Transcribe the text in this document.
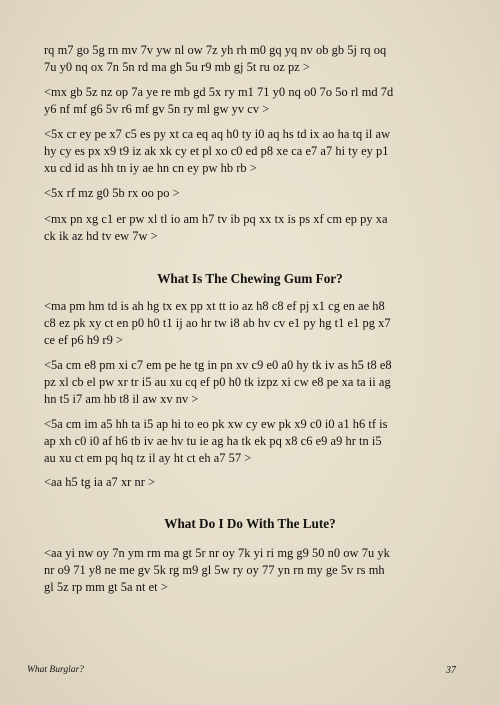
rq m7 go 5g rn mv 7v yw nl ow 7z yh rh m0 gq yq nv ob gb 5j rq oq
7u y0 nq ox 7n 5n rd ma gh 5u r9 mb gj 5t ru oz pz >

<mx gb 5z nz op 7a ye re mb gd 5x ry m1 71 y0 nq o0 7o 5o rl md 7d
y6 nf mf g6 5v r6 mf gv 5n ry ml gw yv cv >

<5x cr ey pe x7 c5 es py xt ca eq aq h0 ty i0 aq hs td ix ao ha tq il aw
hy cy es px x9 t9 iz ak xk cy et pl xo c0 ed p8 xe ca e7 a7 hi ty ey p1
xu cd id as hh tn iy ae hn cn ey pw hb rb >

<5x rf mz g0 5b rx oo po >

<mx pn xg c1 er pw xl tl io am h7 tv ib pq xx tx is ps xf cm ep py xa
ck ik az hd tv ew 7w >

What Is The Chewing Gum For?

<ma pm hm td is ah hg tx ex pp xt tt io az h8 c8 ef pj x1 cg en ae h8
c8 ez pk xy ct en p0 h0 t1 ij ao hr tw i8 ab hv cv e1 py hg t1 e1 pg x7
ce ef p6 h9 r9 >

<5a cm e8 pm xi c7 em pe he tg in pn xv c9 e0 a0 hy tk iv as h5 t8 e8
pz xl cb el pw xr tr i5 au xu cq ef p0 h0 tk izpz xi cw e8 pe xa ta ii ag
hn t5 i7 am hb t8 il aw xv nv >

<5a cm im a5 hh ta i5 ap hi to eo pk xw cy ew pk x9 c0 i0 a1 h6 tf is
ap xh c0 i0 af h6 tb iv ae hv tu ie ag ha tk ek pq x8 c6 e9 a9 hr tn i5
au xu ct em pq hq tz il ay ht ct eh a7 57 >

<aa h5 tg ia a7 xr nr >

What Do I Do With The Lute?

<aa yi nw oy 7n ym rm ma gt 5r nr oy 7k yi ri mg g9 50 n0 ow 7u yk
nr o9 71 y8 ne me gv 5k rg m9 gl 5w ry oy 77 yn rn my ge 5v rs mh
gl 5z rp mm gt 5a nt et >

What Burglar?	37
